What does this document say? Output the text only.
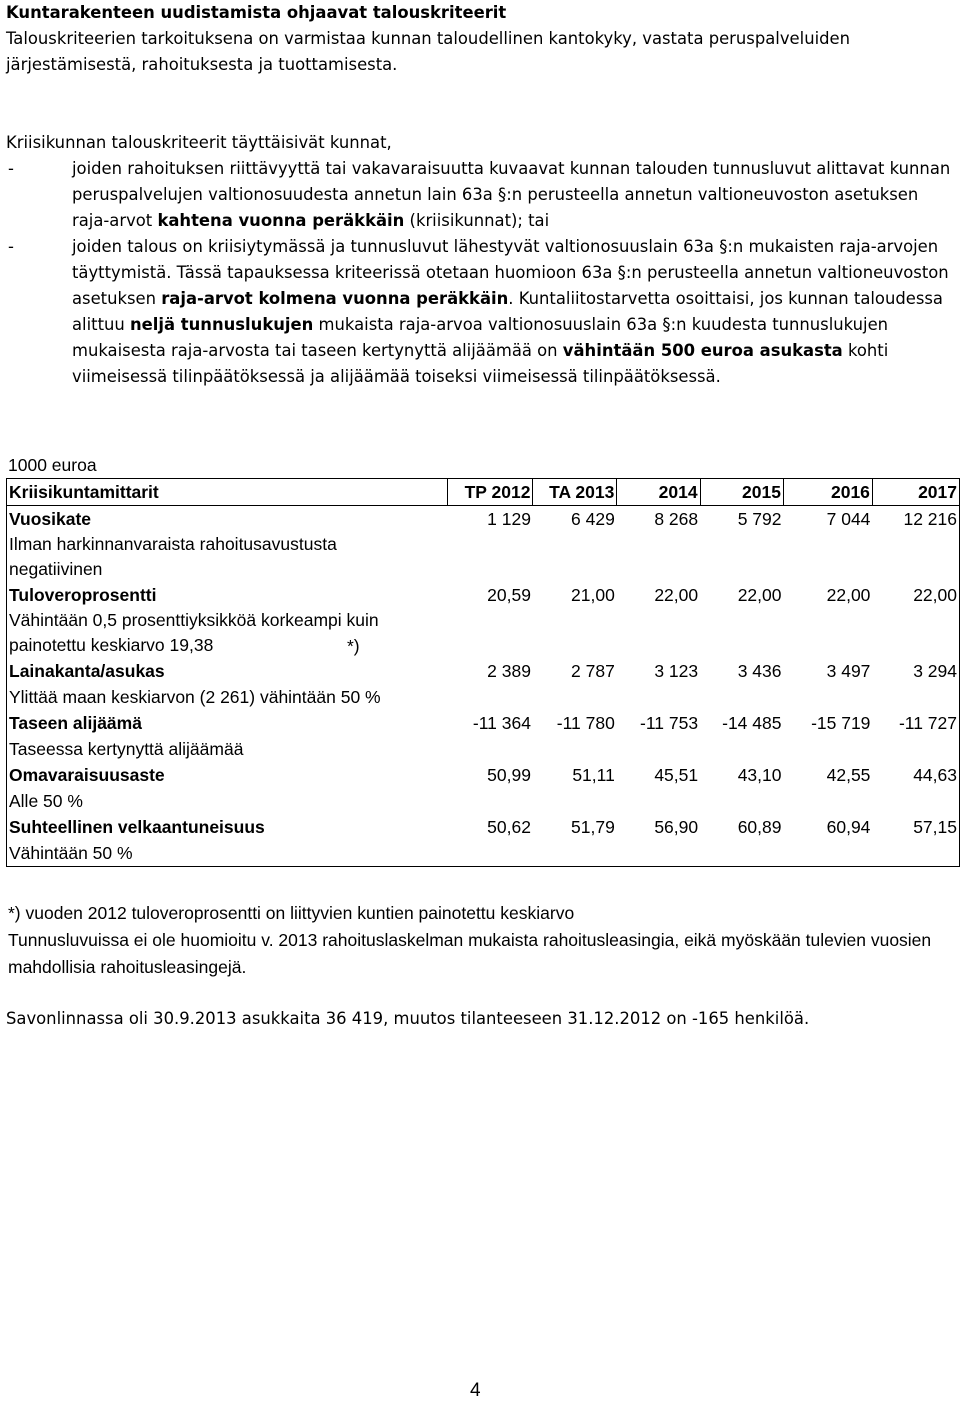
Kuntarakenteen uudistamista ohjaavat talouskriteerit

Talouskriteerien tarkoituksena on varmistaa kunnan taloudellinen kantokyky, vastata peruspalveluiden järjestämisestä, rahoituksesta ja tuottamisesta.

Kriisikunnan talouskriteerit täyttäisivät kunnat,

-	joiden rahoituksen riittävyyttä tai vakavaraisuutta kuvaavat kunnan talouden tunnusluvut alittavat kunnan peruspalvelujen valtionosuudesta annetun lain 63a §:n perusteella annetun valtioneuvoston asetuksen raja-arvot kahtena vuonna peräkkäin (kriisikunnat); tai
-	joiden talous on kriisiytymässä ja tunnusluvut lähestyvät valtionosuuslain 63a §:n mukaisten raja-arvojen täyttymistä. Tässä tapauksessa kriteerissä otetaan huomioon 63a §:n perusteella annetun valtioneuvoston asetuksen raja-arvot kolmena vuonna peräkkäin. Kuntaliitostarvetta osoittaisi, jos kunnan taloudessa alittuu neljä tunnuslukujen mukaista raja-arvoa valtionosuuslain 63a §:n kuudesta tunnuslukujen mukaisesta raja-arvosta tai taseen kertynyttä alijäämää on vähintään 500 euroa asukasta kohti viimeisessä tilinpäätöksessä ja alijäämää toiseksi viimeisessä tilinpäätöksessä.
1000 euroa
Kriisikuntamittarit	TP 2012	TA 2013	2014	2015	2016	2017
Vuosikate	1 129	6 429	8 268	5 792	7 044	12 216

Ilman harkinnanvaraista rahoitusavustusta negatiivinen						

Tuloveroprosentti	20,59	21,00	22,00	22,00	22,00	22,00

Vähintään 0,5 prosenttiyksikköä korkeampi kuin painotettu keskiarvo 19,38 *)						

Lainakanta/asukas	2 389	2 787	3 123	3 436	3 497	3 294

Ylittää maan keskiarvon (2 261) vähintään 50 %						

Taseen alijäämä	-11 364	-11 780	-11 753	-14 485	-15 719	-11 727

Taseessa kertynyttä alijäämää						

Omavaraisuusaste	50,99	51,11	45,51	43,10	42,55	44,63

Alle 50 %						

Suhteellinen velkaantuneisuus	50,62	51,79	56,90	60,89	60,94	57,15

Vähintään 50 %						

*) vuoden 2012 tuloveroprosentti on liittyvien kuntien painotettu keskiarvo

Tunnusluvuissa ei ole huomioitu v. 2013 rahoituslaskelman mukaista rahoitusleasingia, eikä myöskään tulevien vuosien mahdollisia rahoitusleasingejä.

Savonlinnassa oli 30.9.2013 asukkaita 36 419, muutos tilanteeseen 31.12.2012 on -165 henkilöä.
4
